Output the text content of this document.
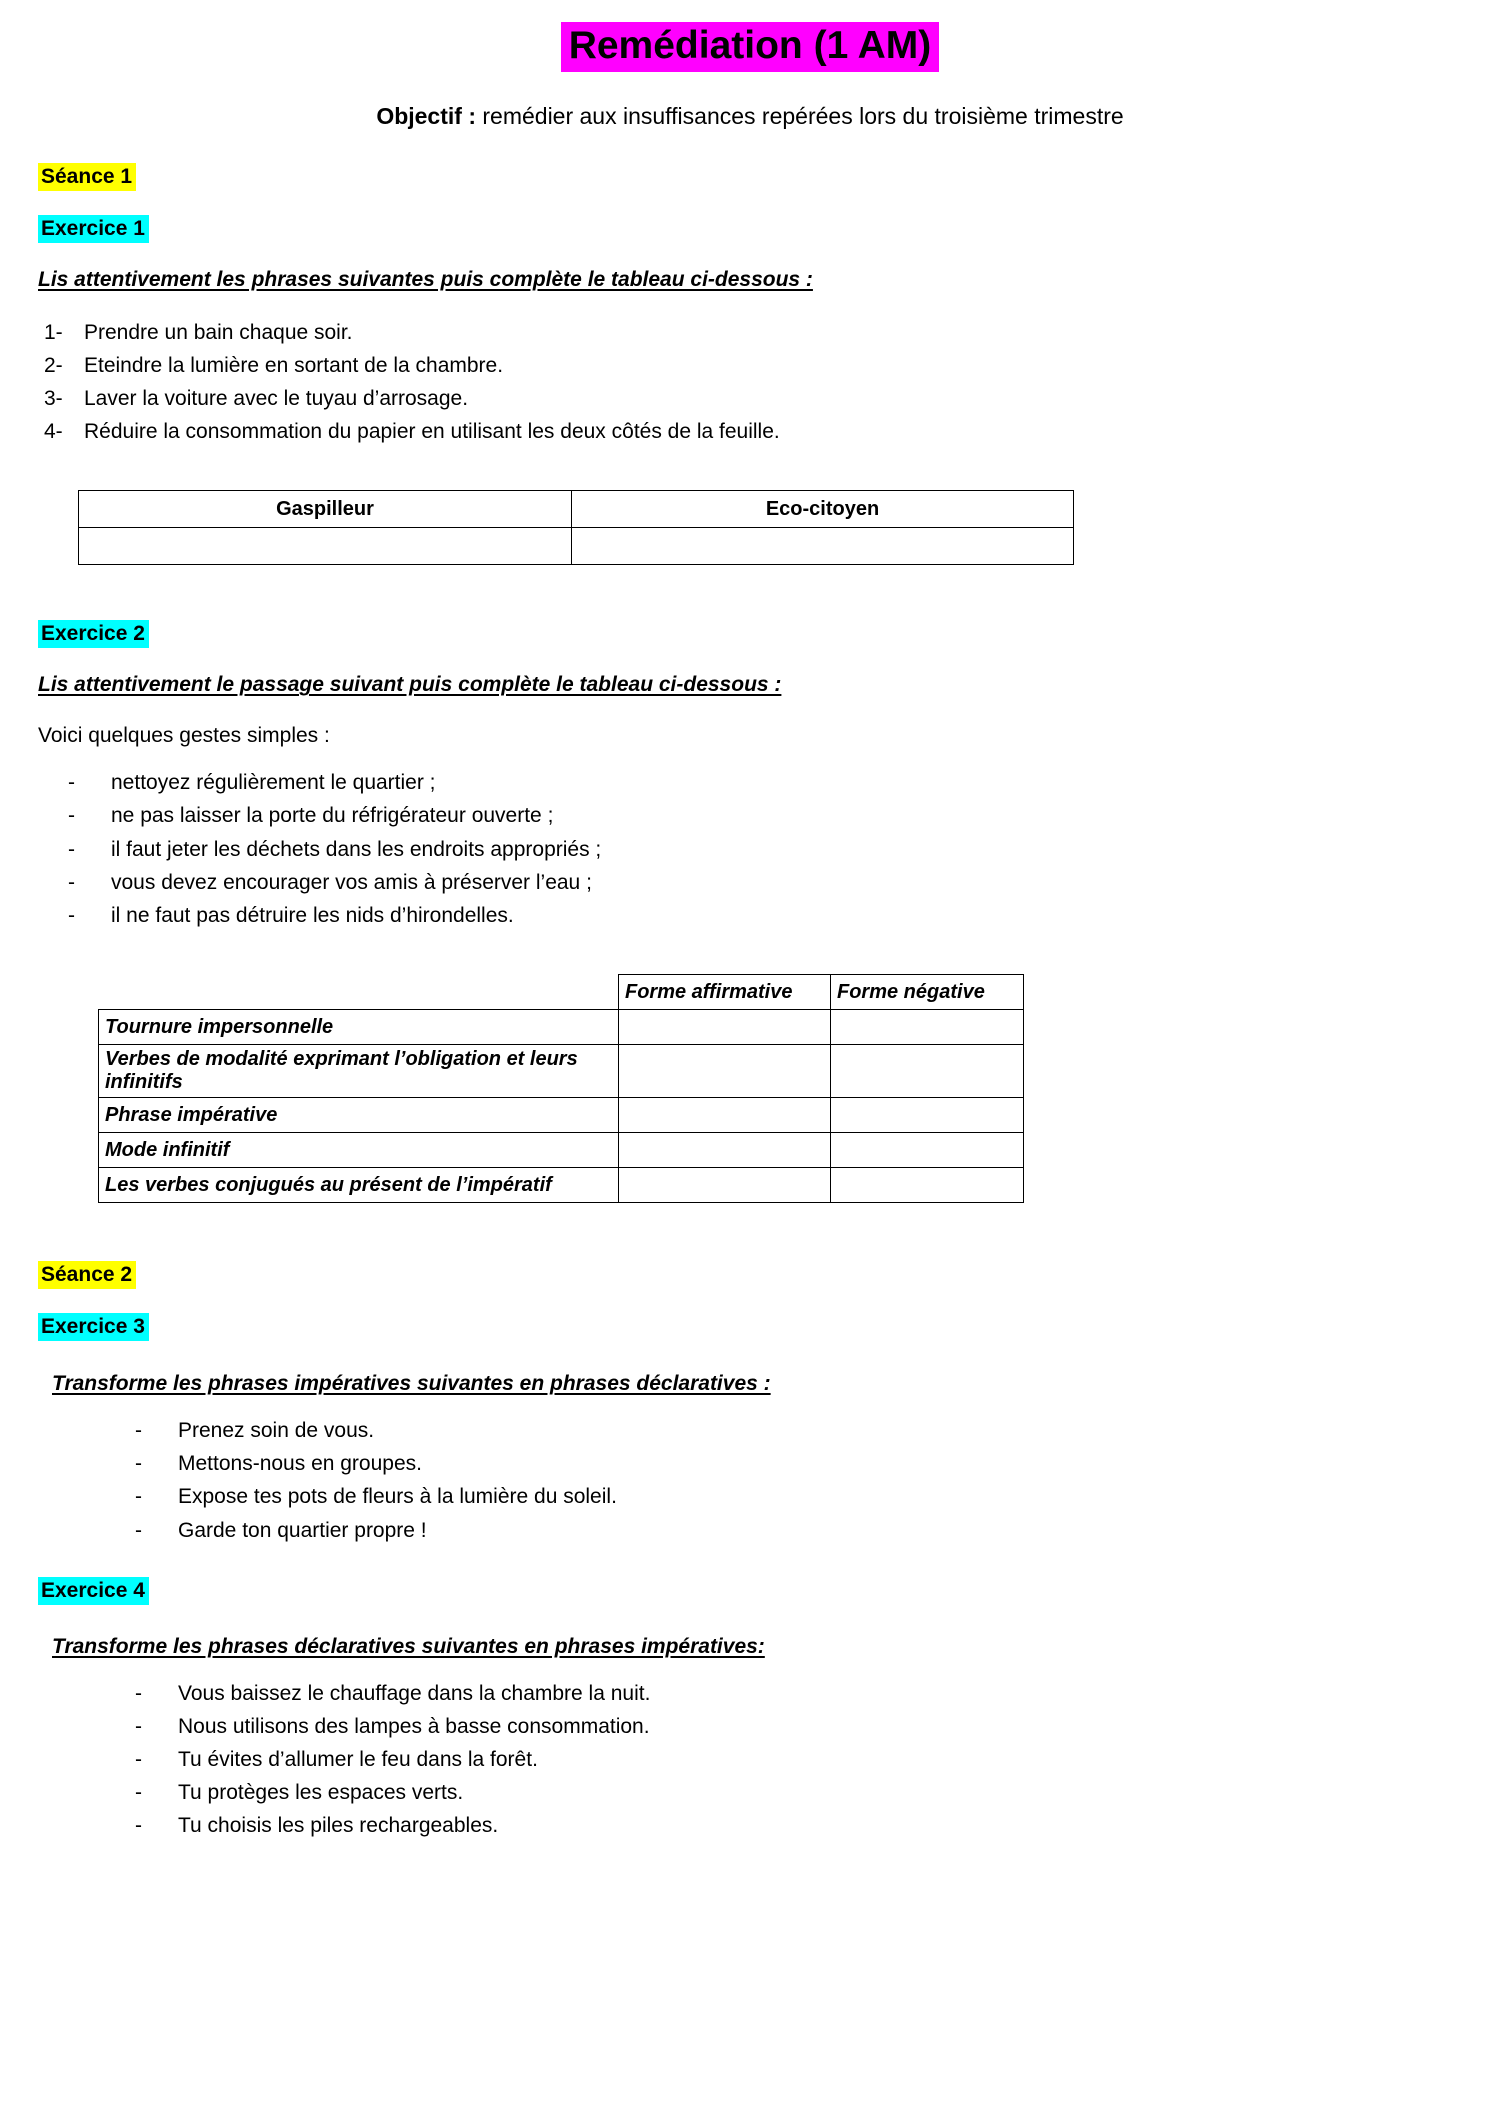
Remédiation (1 AM)
Objectif : remédier aux insuffisances repérées lors du troisième trimestre
Séance 1
Exercice 1
Lis attentivement les phrases suivantes puis complète le tableau ci-dessous :
1-	Prendre un bain chaque soir.
2-	Eteindre la lumière en sortant de la chambre.
3-	Laver la voiture avec le tuyau d’arrosage.
4-	Réduire la consommation du papier en utilisant les deux côtés de la feuille.
Gaspilleur	Eco-citoyen

Exercice 2
Lis attentivement le passage suivant puis complète le tableau ci-dessous :
Voici quelques gestes simples :
-	nettoyez régulièrement le quartier ;
-	ne pas laisser la porte du réfrigérateur ouverte ;
-	il faut jeter les déchets dans les endroits appropriés ;
-	vous devez encourager vos amis à préserver l’eau ;
-	il ne faut pas détruire les nids d’hirondelles.
	Forme affirmative	Forme négative
Tournure impersonnelle		
Verbes de modalité exprimant l’obligation et leurs infinitifs		
Phrase impérative		
Mode infinitif		
Les verbes conjugués au présent de l’impératif		
Séance 2
Exercice 3
Transforme les phrases impératives suivantes en phrases déclaratives :
-	Prenez soin de vous.
-	Mettons-nous en groupes.
-	Expose tes pots de fleurs à la lumière du soleil.
-	Garde ton quartier propre !
Exercice 4
Transforme les phrases déclaratives suivantes en phrases impératives:
-	Vous baissez le chauffage dans la chambre la nuit.
-	Nous utilisons des lampes à basse consommation.
-	Tu évites d’allumer le feu dans la forêt.
-	Tu protèges les espaces verts.
-	Tu choisis les piles rechargeables.
